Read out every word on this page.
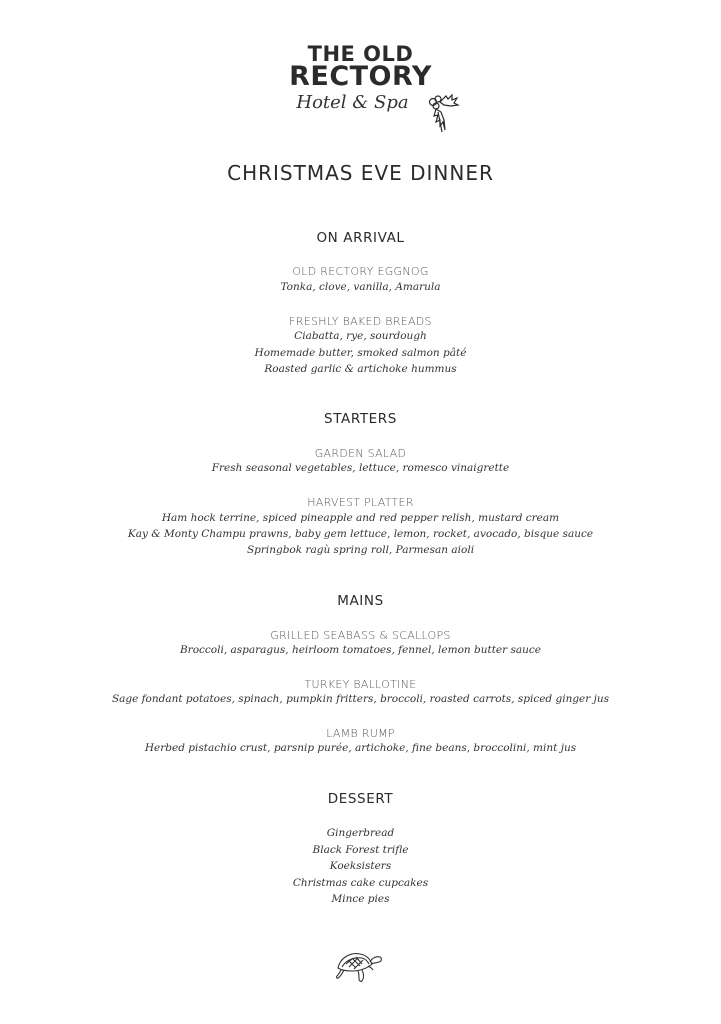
THE OLD
RECTORY
Hotel & Spa
CHRISTMAS EVE DINNER
ON ARRIVAL
OLD RECTORY EGGNOG
Tonka, clove, vanilla, Amarula
FRESHLY BAKED BREADS
Ciabatta, rye, sourdough
Homemade butter, smoked salmon pâté
Roasted garlic & artichoke hummus
STARTERS
GARDEN SALAD
Fresh seasonal vegetables, lettuce, romesco vinaigrette
HARVEST PLATTER
Ham hock terrine, spiced pineapple and red pepper relish, mustard cream
Kay & Monty Champu prawns, baby gem lettuce, lemon, rocket, avocado, bisque sauce
Springbok ragù spring roll, Parmesan aioli
MAINS
GRILLED SEABASS & SCALLOPS
Broccoli, asparagus, heirloom tomatoes, fennel, lemon butter sauce
TURKEY BALLOTINE
Sage fondant potatoes, spinach, pumpkin fritters, broccoli, roasted carrots, spiced ginger jus
LAMB RUMP
Herbed pistachio crust, parsnip purée, artichoke, fine beans, broccolini, mint jus
DESSERT
Gingerbread
Black Forest trifle
Koeksisters
Christmas cake cupcakes
Mince pies
